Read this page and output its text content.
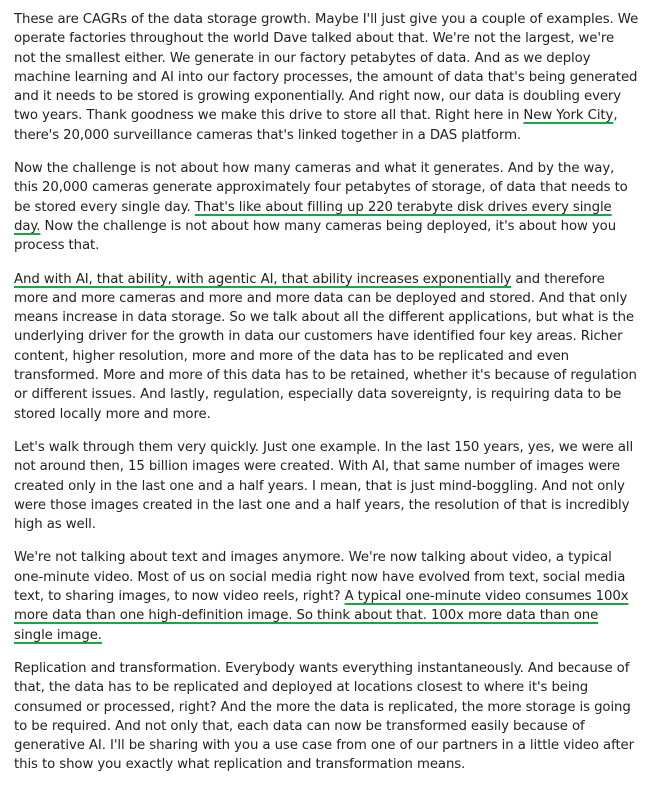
These are CAGRs of the data storage growth. Maybe I'll just give you a couple of examples. We operate factories throughout the world Dave talked about that. We're not the largest, we're not the smallest either. We generate in our factory petabytes of data. And as we deploy machine learning and AI into our factory processes, the amount of data that's being generated and it needs to be stored is growing exponentially. And right now, our data is doubling every two years. Thank goodness we make this drive to store all that. Right here in New York City, there's 20,000 surveillance cameras that's linked together in a DAS platform.

Now the challenge is not about how many cameras and what it generates. And by the way, this 20,000 cameras generate approximately four petabytes of storage, of data that needs to be stored every single day. That's like about filling up 220 terabyte disk drives every single day. Now the challenge is not about how many cameras being deployed, it's about how you process that.

And with AI, that ability, with agentic AI, that ability increases exponentially and therefore more and more cameras and more and more data can be deployed and stored. And that only means increase in data storage. So we talk about all the different applications, but what is the underlying driver for the growth in data our customers have identified four key areas. Richer content, higher resolution, more and more of the data has to be replicated and even transformed. More and more of this data has to be retained, whether it's because of regulation or different issues. And lastly, regulation, especially data sovereignty, is requiring data to be stored locally more and more.

Let's walk through them very quickly. Just one example. In the last 150 years, yes, we were all not around then, 15 billion images were created. With AI, that same number of images were created only in the last one and a half years. I mean, that is just mind-boggling. And not only were those images created in the last one and a half years, the resolution of that is incredibly high as well.

We're not talking about text and images anymore. We're now talking about video, a typical one-minute video. Most of us on social media right now have evolved from text, social media text, to sharing images, to now video reels, right? A typical one-minute video consumes 100x more data than one high-definition image. So think about that. 100x more data than one single image.

Replication and transformation. Everybody wants everything instantaneously. And because of that, the data has to be replicated and deployed at locations closest to where it's being consumed or processed, right? And the more the data is replicated, the more storage is going to be required. And not only that, each data can now be transformed easily because of generative AI. I'll be sharing with you a use case from one of our partners in a little video after this to show you exactly what replication and transformation means.
